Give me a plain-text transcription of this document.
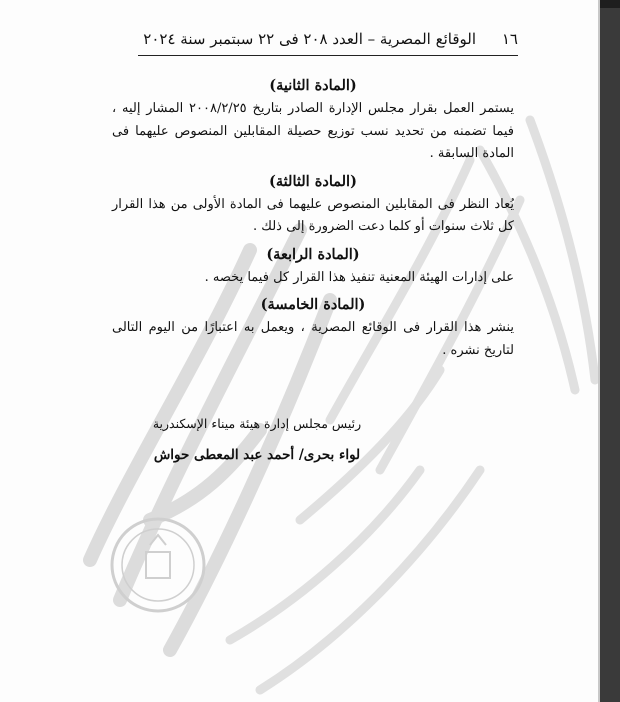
١٦
الوقائع المصرية – العدد ٢٠٨ فى ٢٢ سبتمبر سنة ٢٠٢٤

(المادة الثانية)

يستمر العمل بقرار مجلس الإدارة الصادر بتاريخ ٢٠٠٨/٢/٢٥ المشار إليه ، فيما تضمنه من تحديد نسب توزيع حصيلة المقابلين المنصوص عليهما فى المادة السابقة .

(المادة الثالثة)

يُعاد النظر فى المقابلين المنصوص عليهما فى المادة الأولى من هذا القرار كل ثلاث سنوات أو كلما دعت الضرورة إلى ذلك .

(المادة الرابعة)

على إدارات الهيئة المعنية تنفيذ هذا القرار كل فيما يخصه .

(المادة الخامسة)

ينشر هذا القرار فى الوقائع المصرية ، ويعمل به اعتبارًا من اليوم التالى لتاريخ نشره .

رئيس مجلس إدارة هيئة ميناء الإسكندرية
لواء بحرى/ أحمد عبد المعطى حواش
